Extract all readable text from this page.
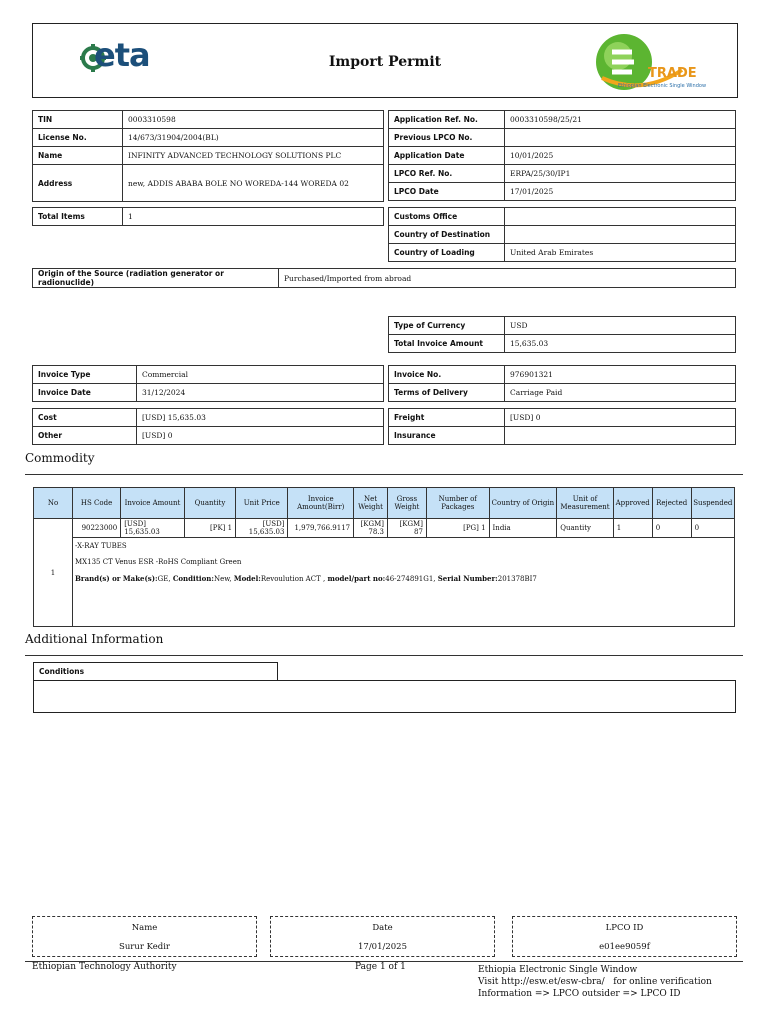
eta	Import Permit
TRADE
Ethiopian Electronic Single Window
TIN	0003310598
License No.	14/673/31904/2004(BL)
Name	INFINITY ADVANCED TECHNOLOGY SOLUTIONS PLC
Address	new, ADDIS ABABA BOLE NO WOREDA-144 WOREDA 02
Application Ref. No.	0003310598/25/21
Previous LPCO No.	
Application Date	10/01/2025
LPCO Ref. No.	ERPA/25/30/IP1
LPCO Date	17/01/2025
Total Items	1	Customs Office	
Country of Destination	
Country of Loading	United Arab Emirates
Origin of the Source (radiation generator or radionuclide)	Purchased/Imported from abroad
Type of Currency	USD
Total Invoice Amount	15,635.03
Invoice Type	Commercial
Invoice Date	31/12/2024
Invoice No.	976901321
Terms of Delivery	Carriage Paid
Cost	[USD] 15,635.03
Other	[USD] 0
Freight	[USD] 0
Insurance	
Commodity
No	HS Code	Invoice Amount	Quantity	Unit Price	Invoice Amount(Birr)	Net Weight	Gross Weight	Number of Packages	Country of Origin	Unit of Measurement	Approved	Rejected	Suspended
1	90223000	[USD] 15,635.03	[PK] 1	[USD] 15,635.03	1,979,766.9117	[KGM] 78.3	[KGM] 87	[PG] 1	India	Quantity	1	0	0

	-X-RAY TUBES
MX135 CT Venus ESR -RoHS Compliant Green
Brand(s) or Make(s):GE, Condition:New, Model:Revoulution ACT , model/part no:46-274891G1, Serial Number:201378BI7												
Additional Information
Conditions
Name
Surur Kedir
Date
17/01/2025
LPCO ID
e01ee9059f
Ethiopian Technology Authority	Page 1 of 1	Ethiopia Electronic Single Window
Visit http://esw.et/esw-cbra/   for online verification
Information => LPCO outsider => LPCO ID
